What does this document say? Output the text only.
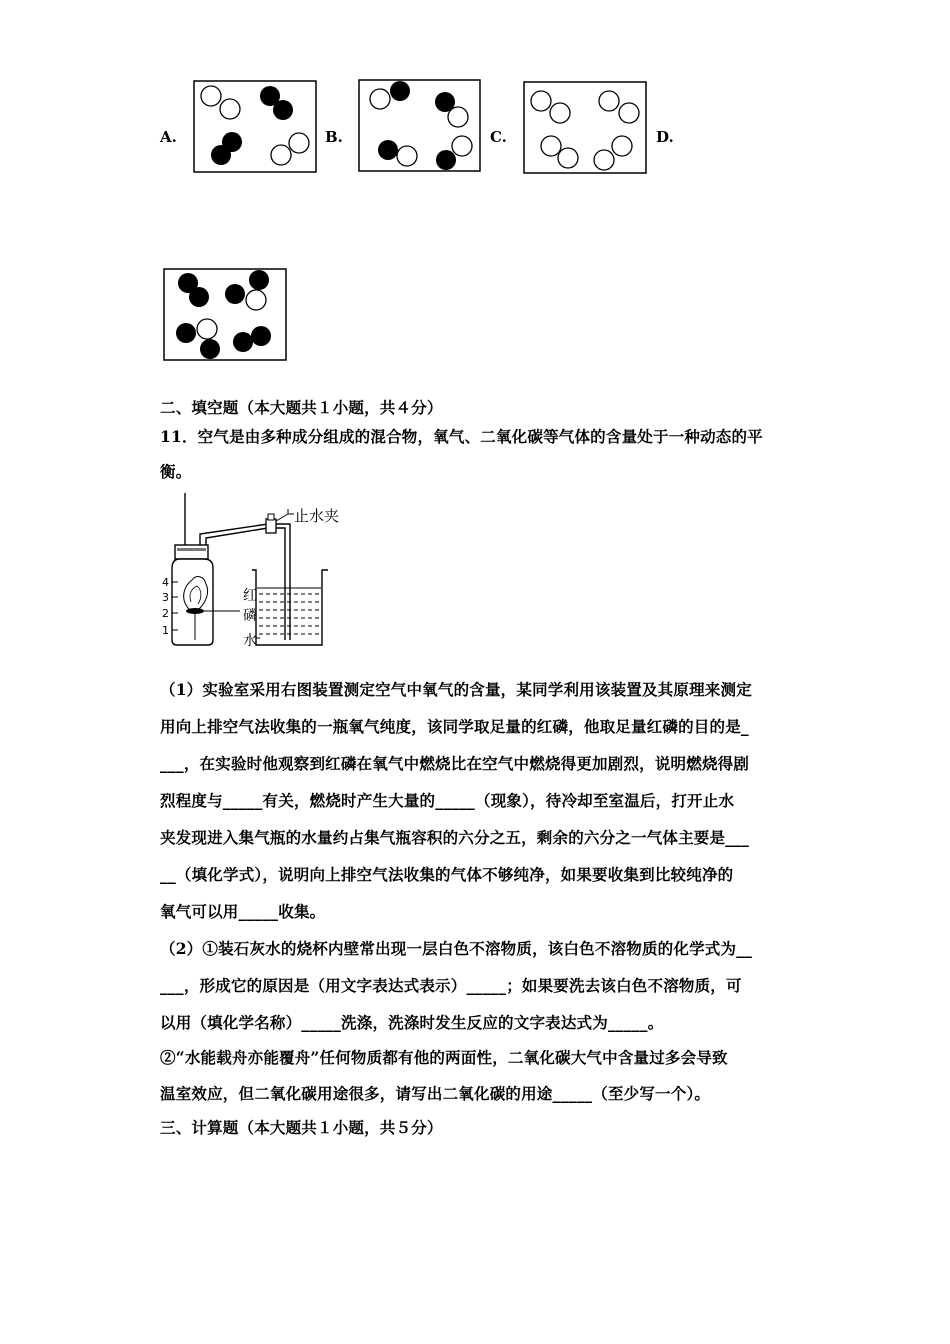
A.	B.	C.	D.
二、填空题（本大题共１小题，共４分）
11．空气是由多种成分组成的混合物，氧气、二氧化碳等气体的含量处于一种动态的平
衡。
4
3
2
1
止水夹
红磷
水
（1）实验室采用右图装置测定空气中氧气的含量，某同学利用该装置及其原理来测定
用向上排空气法收集的一瓶氧气纯度，该同学取足量的红磷，他取足量红磷的目的是_
___，在实验时他观察到红磷在氧气中燃烧比在空气中燃烧得更加剧烈，说明燃烧得剧
烈程度与_____有关，燃烧时产生大量的_____（现象），待冷却至室温后，打开止水
夹发现进入集气瓶的水量约占集气瓶容积的六分之五，剩余的六分之一气体主要是___
__（填化学式），说明向上排空气法收集的气体不够纯净，如果要收集到比较纯净的
氧气可以用_____收集。
（2）①装石灰水的烧杯内壁常出现一层白色不溶物质，该白色不溶物质的化学式为__
___，形成它的原因是（用文字表达式表示）_____；如果要洗去该白色不溶物质，可
以用（填化学名称）_____洗涤，洗涤时发生反应的文字表达式为_____。
②“水能载舟亦能覆舟”任何物质都有他的两面性，二氧化碳大气中含量过多会导致
温室效应，但二氧化碳用途很多，请写出二氧化碳的用途_____（至少写一个）。
三、计算题（本大题共１小题，共５分）
